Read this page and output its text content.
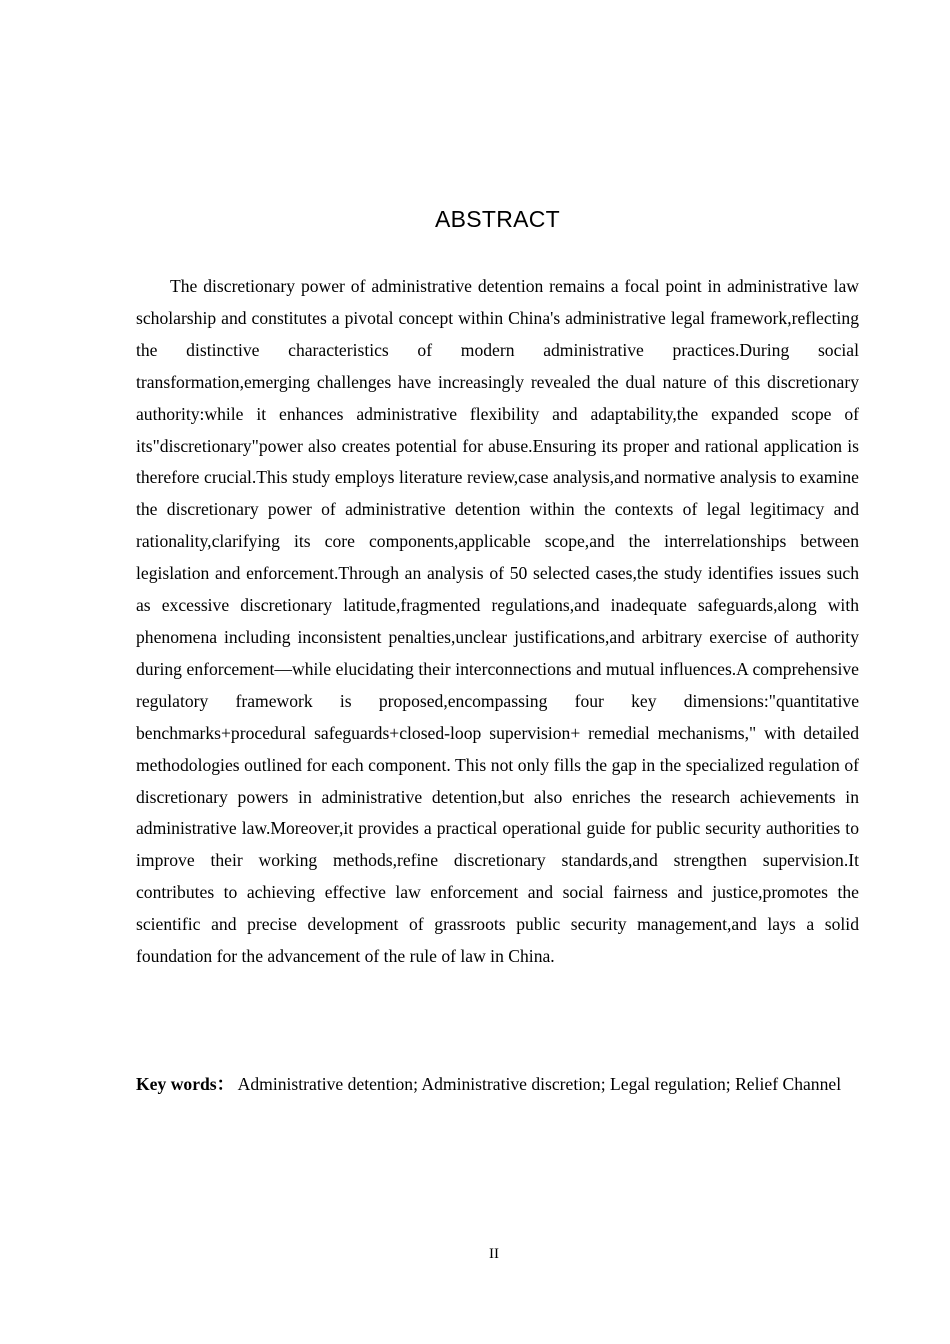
ABSTRACT

The discretionary power of administrative detention remains a focal point in administrative law scholarship and constitutes a pivotal concept within China's administrative legal framework,reflecting the distinctive characteristics of modern administrative practices.During social transformation,emerging challenges have increasingly revealed the dual nature of this discretionary authority:while it enhances administrative flexibility and adaptability,the expanded scope of its"discretionary"power also creates potential for abuse.Ensuring its proper and rational application is therefore crucial.This study employs literature review,case analysis,and normative analysis to examine the discretionary power of administrative detention within the contexts of legal legitimacy and rationality,clarifying its core components,applicable scope,and the interrelationships between legislation and enforcement.Through an analysis of 50 selected cases,the study identifies issues such as excessive discretionary latitude,fragmented regulations,and inadequate safeguards,along with phenomena including inconsistent penalties,unclear justifications,and arbitrary exercise of authority during enforcement—while elucidating their interconnections and mutual influences.A comprehensive regulatory framework is proposed,encompassing four key dimensions:"quantitative benchmarks+procedural safeguards+closed-loop supervision+ remedial mechanisms," with detailed methodologies outlined for each component. This not only fills the gap in the specialized regulation of discretionary powers in administrative detention,but also enriches the research achievements in administrative law.Moreover,it provides a practical operational guide for public security authorities to improve their working methods,refine discretionary standards,and strengthen supervision.It contributes to achieving effective law enforcement and social fairness and justice,promotes the scientific and precise development of grassroots public security management,and lays a solid foundation for the advancement of the rule of law in China.

Key words： Administrative detention; Administrative discretion; Legal regulation; Relief Channel

II
